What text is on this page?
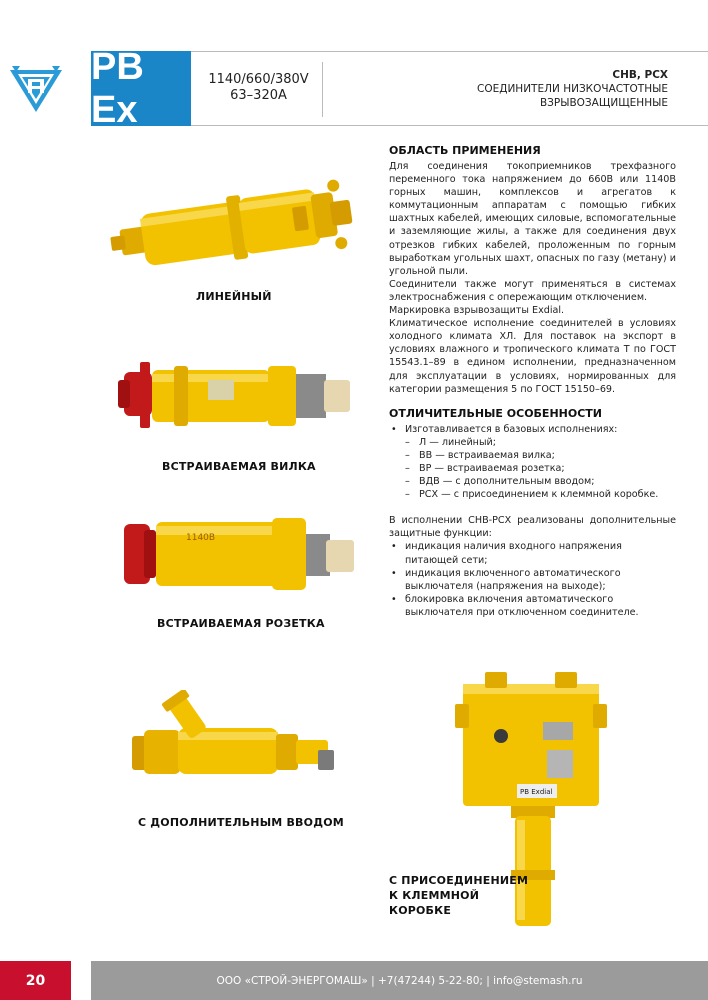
РВ Ex
1140/660/380V
63–320A
СНВ, РСХ
СОЕДИНИТЕЛИ НИЗКОЧАСТОТНЫЕ
ВЗРЫВОЗАЩИЩЕННЫЕ
ЛИНЕЙНЫЙ
ВСТРАИВАЕМАЯ ВИЛКА
1140В
ВСТРАИВАЕМАЯ РОЗЕТКА
С ДОПОЛНИТЕЛЬНЫМ ВВОДОМ
РВ Exdial
С ПРИСОЕДИНЕНИЕМ
К КЛЕММНОЙ
КОРОБКЕ
ОБЛАСТЬ ПРИМЕНЕНИЯ

Для соединения токоприемников трехфазного переменного тока напряжением до 660В или 1140В горных машин, комплексов и агрегатов к коммутационным аппаратам с помощью гибких шахтных кабелей, имеющих силовые, вспомогательные и заземляющие жилы, а также для соединения двух отрезков гибких кабелей, проложенным по горным выработкам угольных шахт, опасных по газу (метану) и угольной пыли.

Соединители также могут применяться в системах электроснабжения с опережающим отключением.

Маркировка взрывозащиты Exdial.

Климатическое исполнение соединителей в условиях холодного климата ХЛ. Для поставок на экспорт в условиях влажного и тропического климата Т по ГОСТ 15543.1–89 в едином исполнении, предназначенном для эксплуатации в условиях, нормированных для категории размещения 5 по ГОСТ 15150–69.

ОТЛИЧИТЕЛЬНЫЕ ОСОБЕННОСТИ
• Изготавливается в базовых исполнениях:
– Л — линейный;
– ВВ — встраиваемая вилка;
– ВР — встраиваемая розетка;
– ВДВ — с дополнительным вводом;
– РСХ — с присоединением к клеммной коробке.

В исполнении СНВ-РСХ реализованы дополнительные защитные функции:

• индикация наличия входного напряжения питающей сети;
• индикация включенного автоматического выключателя (напряжения на выходе);
• блокировка включения автоматического выключателя при отключенном соединителе.
20	ООО «СТРОЙ-ЭНЕРГОМАШ» | +7(47244) 5-22-80; | info@stemash.ru
